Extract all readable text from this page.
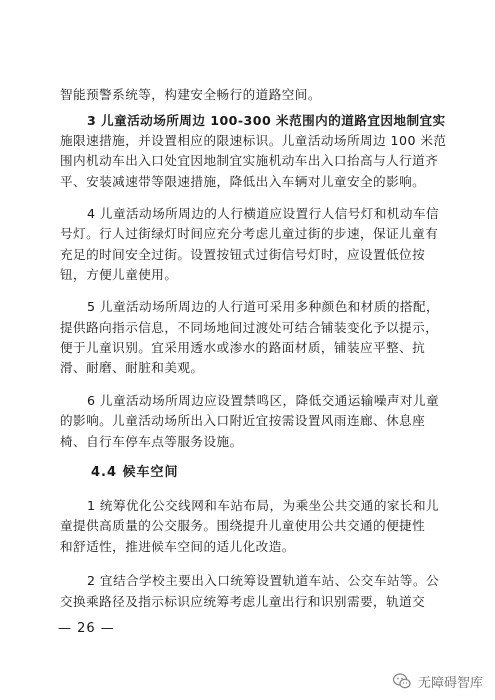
智能预警系统等，构建安全畅行的道路空间。
3 儿童活动场所周边 100-300 米范围内的道路宜因地制宜实
施限速措施，并设置相应的限速标识。儿童活动场所周边 100 米范
围内机动车出入口处宜因地制宜实施机动车出入口抬高与人行道齐
平、安装减速带等限速措施，降低出入车辆对儿童安全的影响。
4 儿童活动场所周边的人行横道应设置行人信号灯和机动车信
号灯。行人过街绿灯时间应充分考虑儿童过街的步速，保证儿童有
充足的时间安全过街。设置按钮式过街信号灯时，应设置低位按
钮，方便儿童使用。
5 儿童活动场所周边的人行道可采用多种颜色和材质的搭配，
提供路向指示信息，不同场地间过渡处可结合铺装变化予以提示，
便于儿童识别。宜采用透水或渗水的路面材质，铺装应平整、抗
滑、耐磨、耐脏和美观。
6 儿童活动场所周边应设置禁鸣区，降低交通运输噪声对儿童
的影响。儿童活动场所出入口附近宜按需设置风雨连廊、休息座
椅、自行车停车点等服务设施。
4.4 候车空间
1 统筹优化公交线网和车站布局，为乘坐公共交通的家长和儿
童提供高质量的公交服务。围绕提升儿童使用公共交通的便捷性
和舒适性，推进候车空间的适儿化改造。
2 宜结合学校主要出入口统筹设置轨道车站、公交车站等。公
交换乘路径及指示标识应统筹考虑儿童出行和识别需要，轨道交
— 26 —
无障碍智库
